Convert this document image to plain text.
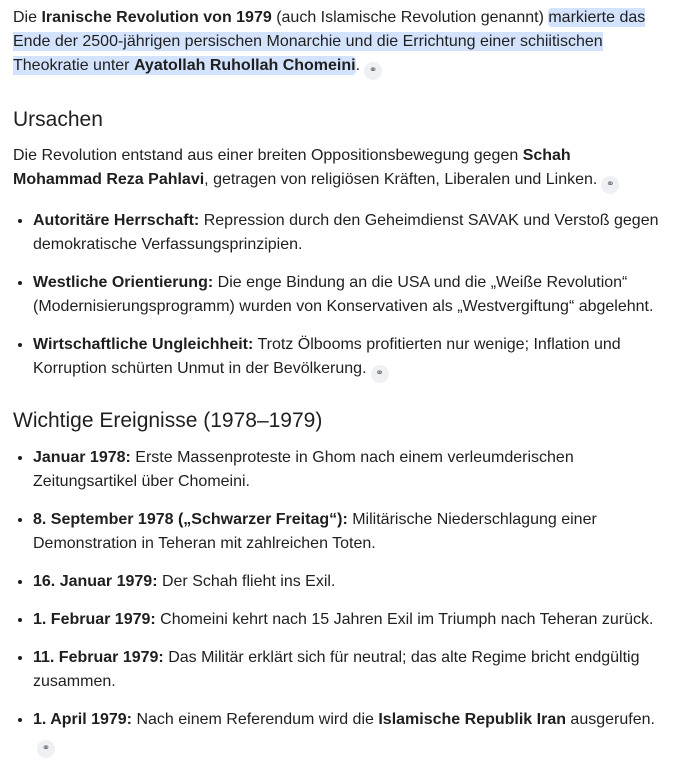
Die Iranische Revolution von 1979 (auch Islamische Revolution genannt) markierte das Ende der 2500-jährigen persischen Monarchie und die Errichtung einer schiitischen Theokratie unter Ayatollah Ruhollah Chomeini. ⚭

Ursachen

Die Revolution entstand aus einer breiten Oppositionsbewegung gegen Schah Mohammad Reza Pahlavi, getragen von religiösen Kräften, Liberalen und Linken. ⚭

• Autoritäre Herrschaft: Repression durch den Geheimdienst SAVAK und Verstoß gegen demokratische Verfassungsprinzipien.
• Westliche Orientierung: Die enge Bindung an die USA und die „Weiße Revolution“ (Modernisierungsprogramm) wurden von Konservativen als „Westvergiftung“ abgelehnt.
• Wirtschaftliche Ungleichheit: Trotz Ölbooms profitierten nur wenige; Inflation und Korruption schürten Unmut in der Bevölkerung. ⚭
Wichtige Ereignisse (1978–1979)
• Januar 1978: Erste Massenproteste in Ghom nach einem verleumderischen Zeitungsartikel über Chomeini.
• 8. September 1978 („Schwarzer Freitag“): Militärische Niederschlagung einer Demonstration in Teheran mit zahlreichen Toten.
• 16. Januar 1979: Der Schah flieht ins Exil.
• 1. Februar 1979: Chomeini kehrt nach 15 Jahren Exil im Triumph nach Teheran zurück.
• 11. Februar 1979: Das Militär erklärt sich für neutral; das alte Regime bricht endgültig zusammen.
• 1. April 1979: Nach einem Referendum wird die Islamische Republik Iran ausgerufen.⚭
